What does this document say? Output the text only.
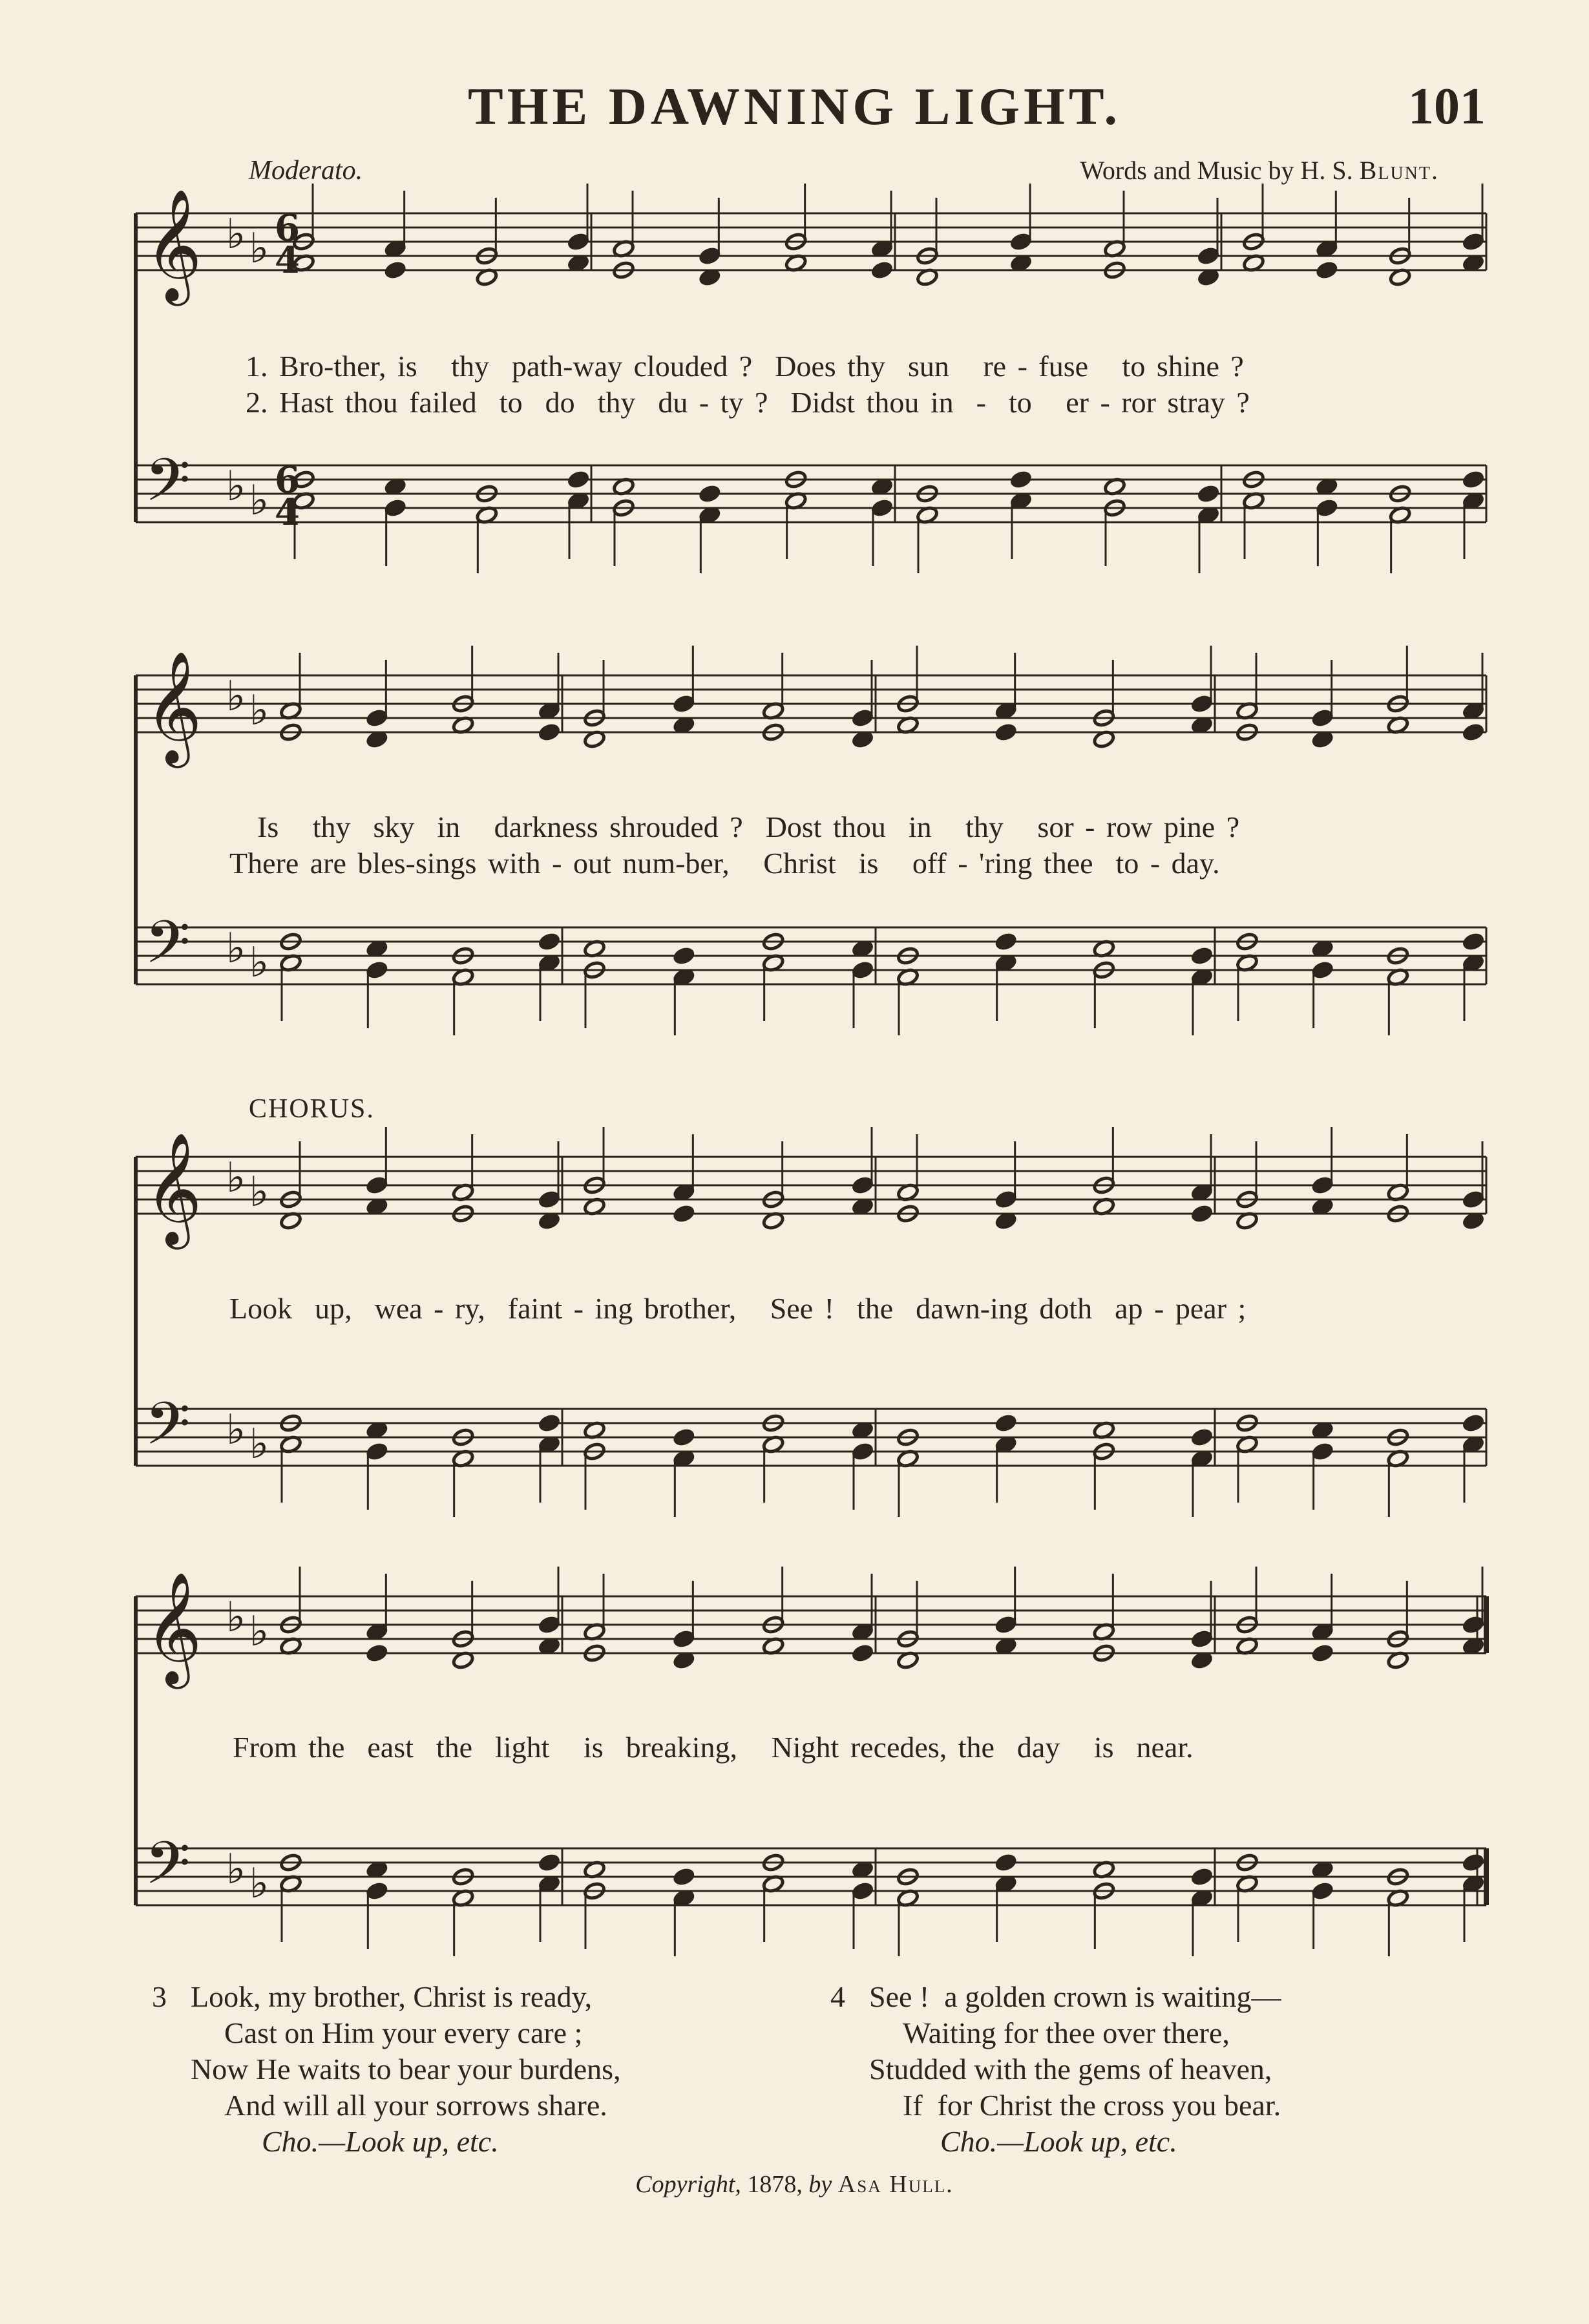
THE DAWNING LIGHT.	101
Moderato.	Words and Music by H. S. Blunt.
𝄞
𝄢
♭ ♭
♭ ♭
6
4
6
4
1. Bro-ther, is   thy  path-way clouded ?  Does thy  sun   re - fuse   to shine ?
2. Hast thou failed  to  do  thy  du - ty ?  Didst thou in  -  to   er - ror stray ?
𝄞
𝄢
♭ ♭
♭ ♭
Is   thy  sky  in   darkness shrouded ?  Dost thou  in   thy   sor - row pine ?
There are bles-sings with - out num-ber,   Christ  is   off - 'ring thee  to - day.
CHORUS.
𝄞
𝄢
♭ ♭
♭ ♭
Look  up,  wea - ry,  faint - ing brother,   See !  the  dawn-ing doth  ap - pear ;
𝄞
𝄢
♭ ♭
♭ ♭
From the  east  the  light   is  breaking,   Night recedes, the  day   is  near.
3 Look, my brother, Christ is ready,
Cast on Him your every care ;
Now He waits to bear your burdens,
And will all your sorrows share.
Cho.—Look up, etc.
4 See !  a golden crown is waiting—
Waiting for thee over there,
Studded with the gems of heaven,
If  for Christ the cross you bear.
Cho.—Look up, etc.
Copyright, 1878, by Asa Hull.
